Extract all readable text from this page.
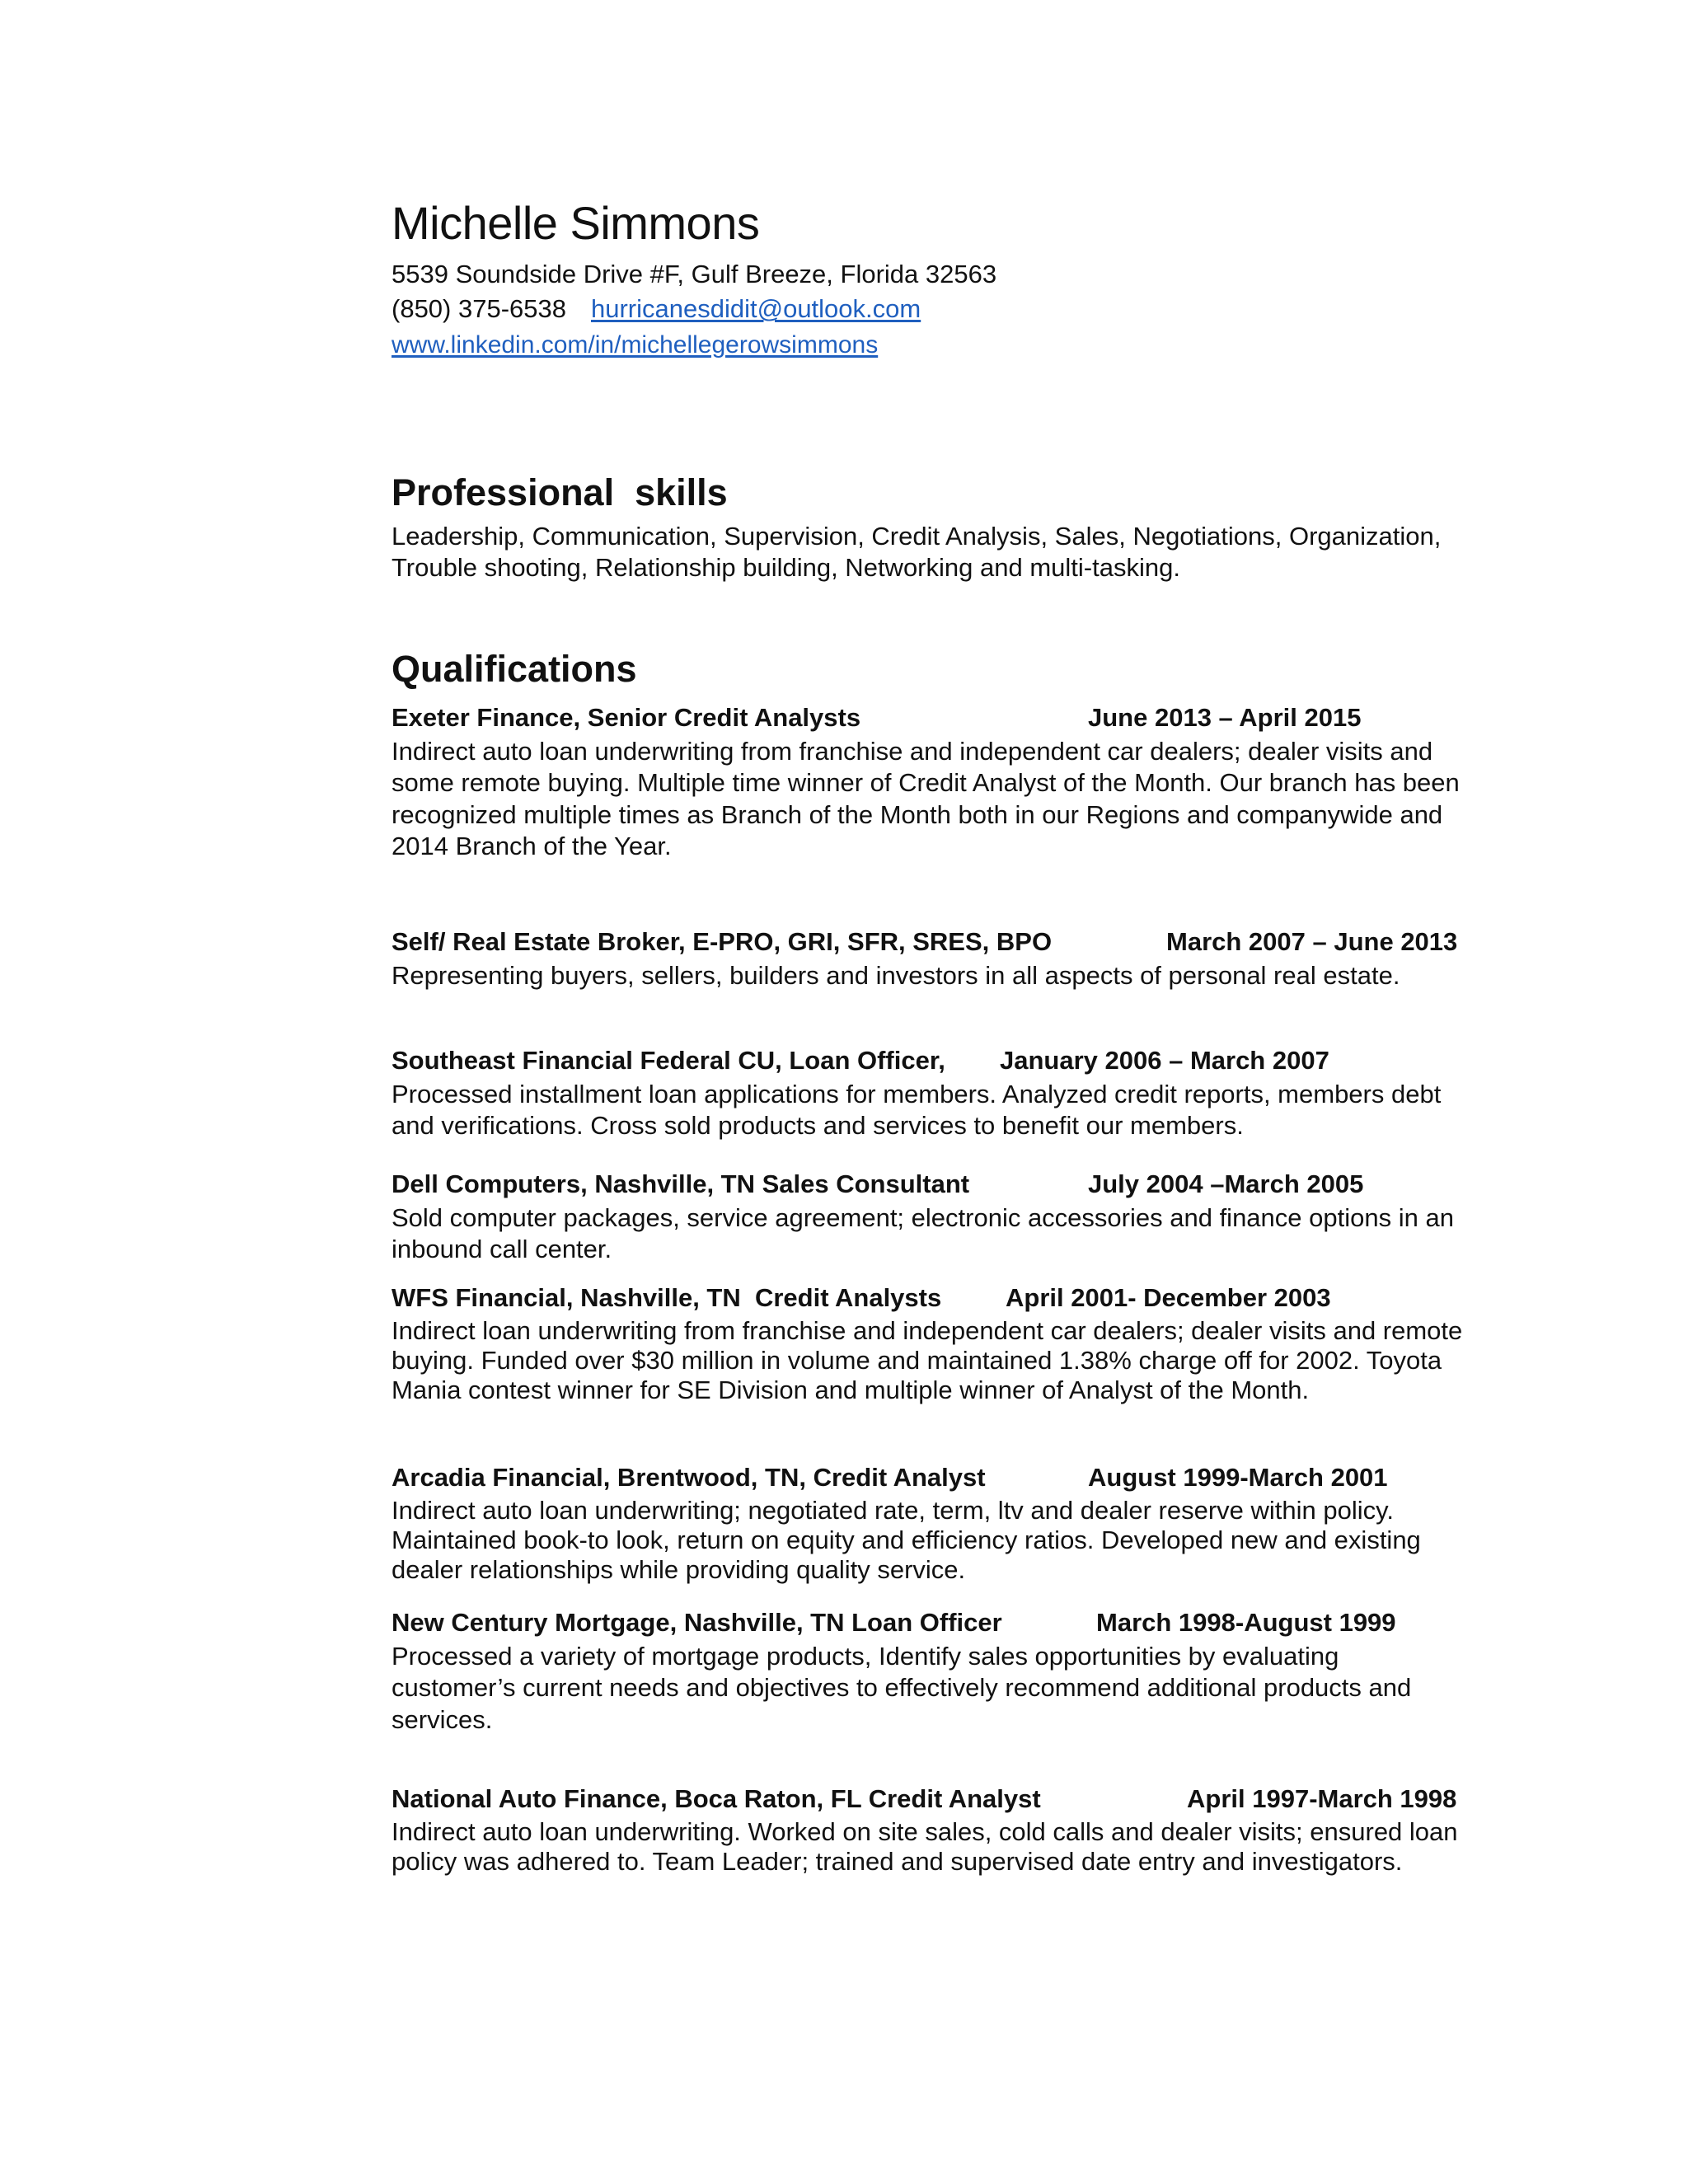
Michelle Simmons
5539 Soundside Drive #F, Gulf Breeze, Florida 32563
(850) 375-6538 hurricanesdidit@outlook.com
www.linkedin.com/in/michellegerowsimmons
Professional  skills

Leadership, Communication, Supervision, Credit Analysis, Sales, Negotiations, Organization, Trouble shooting, Relationship building, Networking and multi-tasking.

Qualifications
Exeter Finance, Senior Credit Analysts	June 2013 – April 2015

Indirect auto loan underwriting from franchise and independent car dealers; dealer visits and some remote buying. Multiple time winner of Credit Analyst of the Month. Our branch has been recognized multiple times as Branch of the Month both in our Regions and companywide and 2014 Branch of the Year.

Self/ Real Estate Broker, E-PRO, GRI, SFR, SRES, BPO	March 2007 – June 2013

Representing buyers, sellers, builders and investors in all aspects of personal real estate.

Southeast Financial Federal CU, Loan Officer,	January 2006 – March 2007

Processed installment loan applications for members. Analyzed credit reports, members debt and verifications. Cross sold products and services to benefit our members.

Dell Computers, Nashville, TN Sales Consultant	July 2004 –March 2005

Sold computer packages, service agreement; electronic accessories and finance options in an inbound call center.

WFS Financial, Nashville, TN  Credit Analysts	April 2001- December 2003

Indirect loan underwriting from franchise and independent car dealers; dealer visits and remote buying. Funded over $30 million in volume and maintained 1.38% charge off for 2002. Toyota Mania contest winner for SE Division and multiple winner of Analyst of the Month.

Arcadia Financial, Brentwood, TN, Credit Analyst	August 1999-March 2001

Indirect auto loan underwriting; negotiated rate, term, ltv and dealer reserve within policy. Maintained book-to look, return on equity and efficiency ratios. Developed new and existing dealer relationships while providing quality service.

New Century Mortgage, Nashville, TN Loan Officer	March 1998-August 1999

Processed a variety of mortgage products, Identify sales opportunities by evaluating customer’s current needs and objectives to effectively recommend additional products and services.

National Auto Finance, Boca Raton, FL Credit Analyst	April 1997-March 1998

Indirect auto loan underwriting. Worked on site sales, cold calls and dealer visits; ensured loan policy was adhered to. Team Leader; trained and supervised date entry and investigators.
